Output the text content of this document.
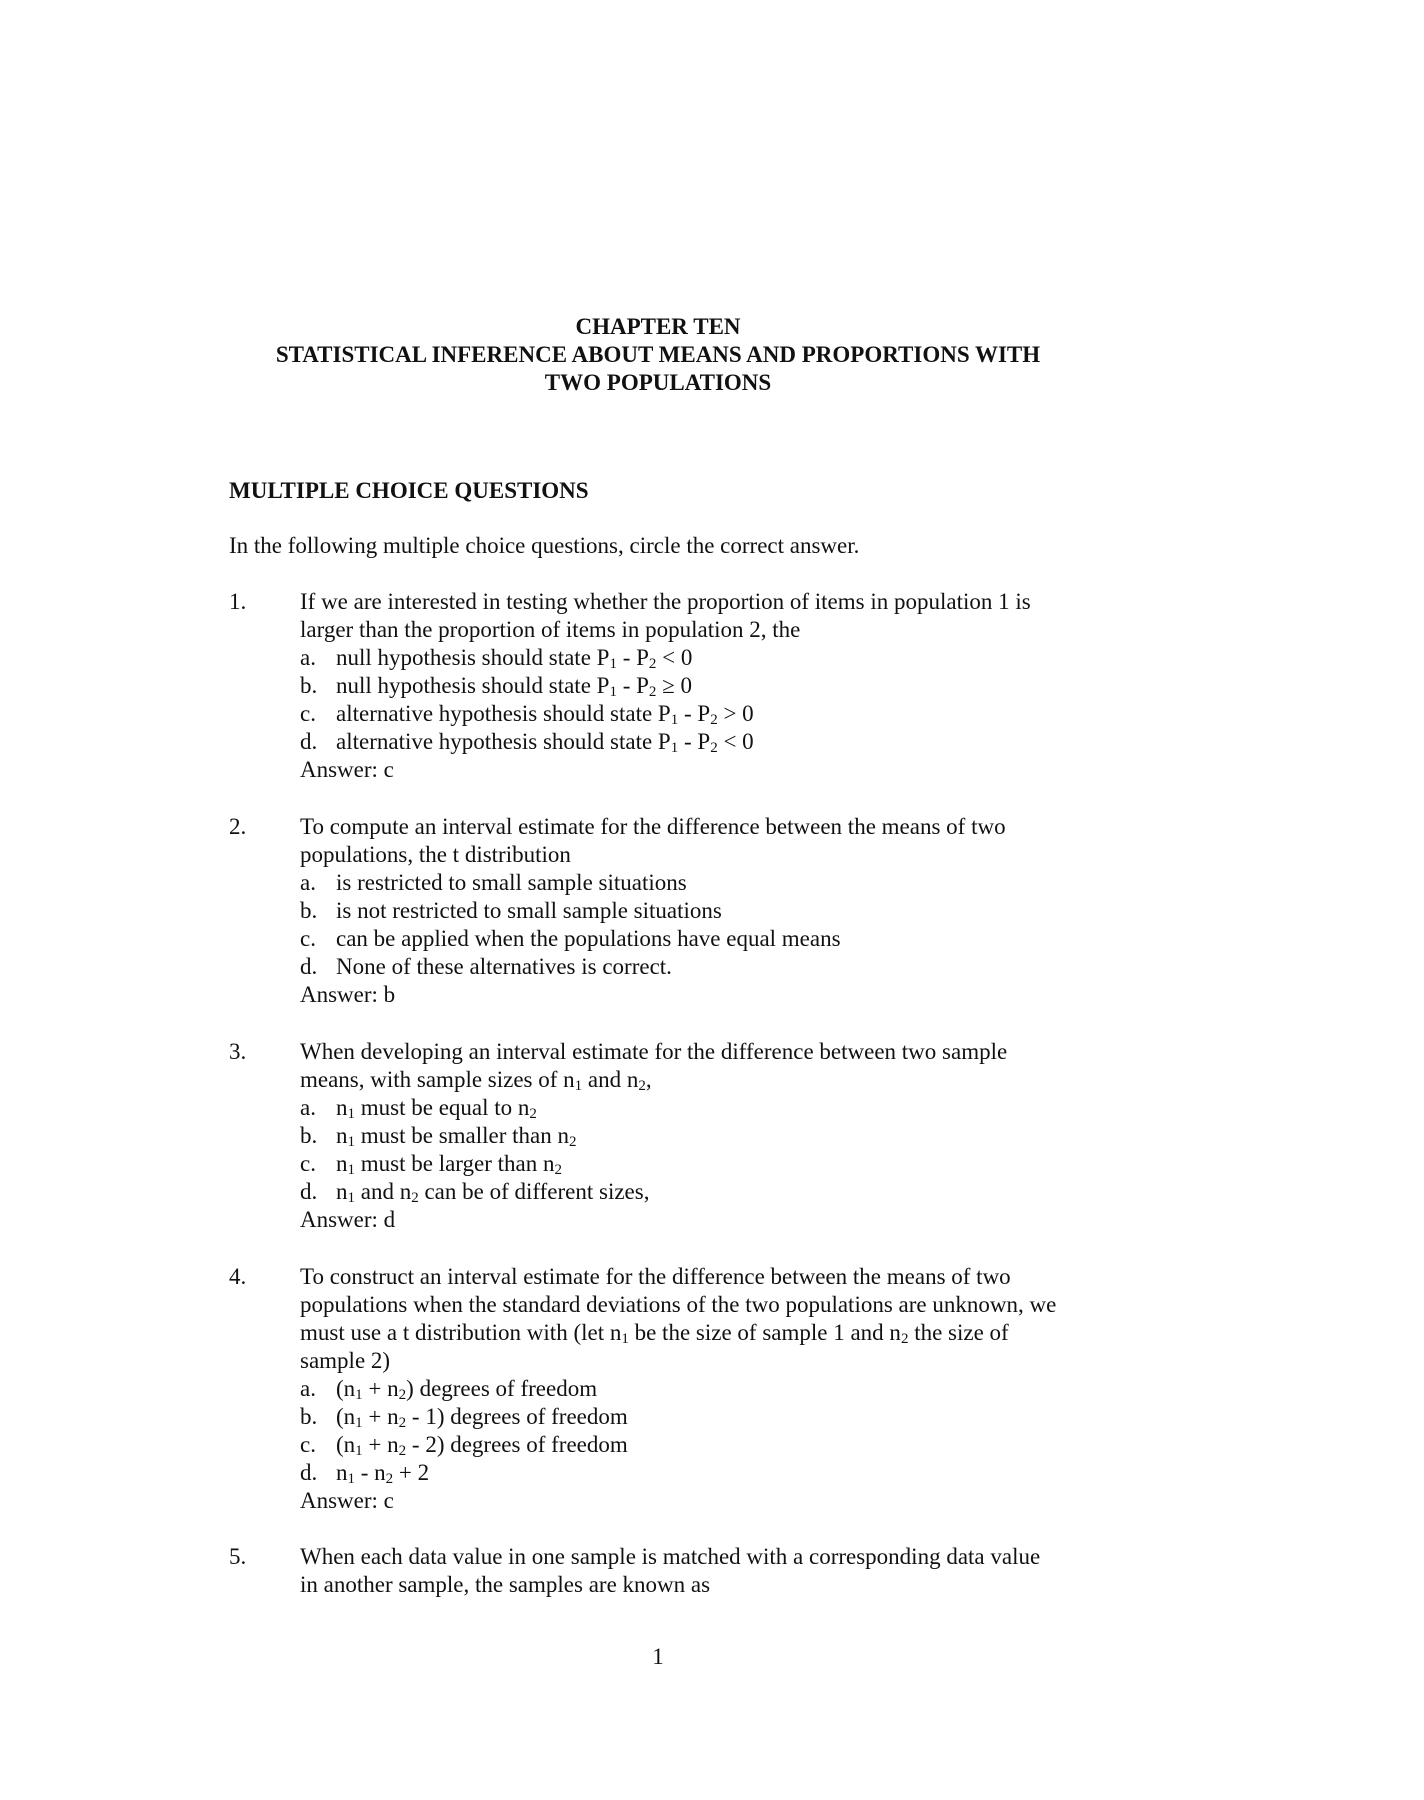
CHAPTER TEN
STATISTICAL INFERENCE ABOUT MEANS AND PROPORTIONS WITH
TWO POPULATIONS
MULTIPLE CHOICE QUESTIONS
In the following multiple choice questions, circle the correct answer.
1. If we are interested in testing whether the proportion of items in population 1 is
larger than the proportion of items in population 2, the
a. null hypothesis should state $P_1 - P_2 < 0$
b. null hypothesis should state $P_1 - P_2 \ge 0$
c. alternative hypothesis should state $P_1 - P_2 > 0$
d. alternative hypothesis should state $P_1 - P_2 < 0$
Answer: c
2. To compute an interval estimate for the difference between the means of two
populations, the t distribution
a. is restricted to small sample situations
b. is not restricted to small sample situations
c. can be applied when the populations have equal means
d. None of these alternatives is correct.
Answer: b
3. When developing an interval estimate for the difference between two sample
means, with sample sizes of $n_1$ and $n_2$,
a. $n_1$ must be equal to $n_2$
b. $n_1$ must be smaller than $n_2$
c. $n_1$ must be larger than $n_2$
d. $n_1$ and $n_2$ can be of different sizes,
Answer: d
4. To construct an interval estimate for the difference between the means of two
populations when the standard deviations of the two populations are unknown, we
must use a t distribution with (let $n_1$ be the size of sample 1 and $n_2$ the size of
sample 2)
a. $(n_1 + n_2)$ degrees of freedom
b. $(n_1 + n_2 - 1)$ degrees of freedom
c. $(n_1 + n_2 - 2)$ degrees of freedom
d. $n_1 - n_2 + 2$
Answer: c
5. When each data value in one sample is matched with a corresponding data value
in another sample, the samples are known as
1
